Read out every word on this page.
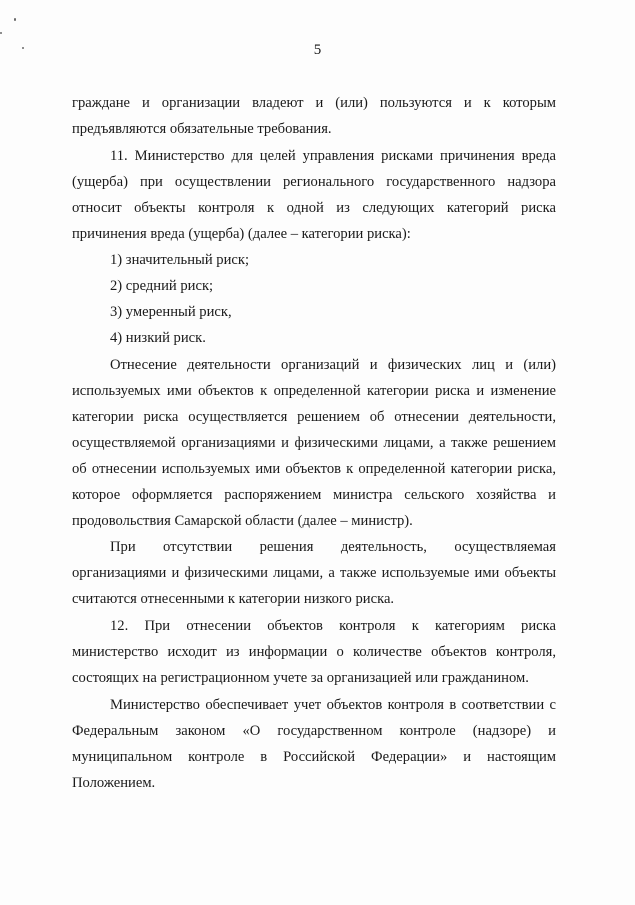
5

граждане и организации владеют и (или) пользуются и к которым предъявляются обязательные требования.

11. Министерство для целей управления рисками причинения вреда (ущерба) при осуществлении регионального государственного надзора относит объекты контроля к одной из следующих категорий риска причинения вреда (ущерба) (далее – категории риска):

1) значительный риск;

2) средний риск;

3) умеренный риск,

4) низкий риск.

Отнесение деятельности организаций и физических лиц и (или) используемых ими объектов к определенной категории риска и изменение категории риска осуществляется решением об отнесении деятельности, осуществляемой организациями и физическими лицами, а также решением об отнесении используемых ими объектов к определенной категории риска, которое оформляется распоряжением министра сельского хозяйства и продовольствия Самарской области (далее – министр).

При отсутствии решения деятельность, осуществляемая организациями и физическими лицами, а также используемые ими объекты считаются отнесенными к категории низкого риска.

12. При отнесении объектов контроля к категориям риска министерство исходит из информации о количестве объектов контроля, состоящих на регистрационном учете за организацией или гражданином.

Министерство обеспечивает учет объектов контроля в соответствии с Федеральным законом «О государственном контроле (надзоре) и муниципальном контроле в Российской Федерации» и настоящим Положением.
